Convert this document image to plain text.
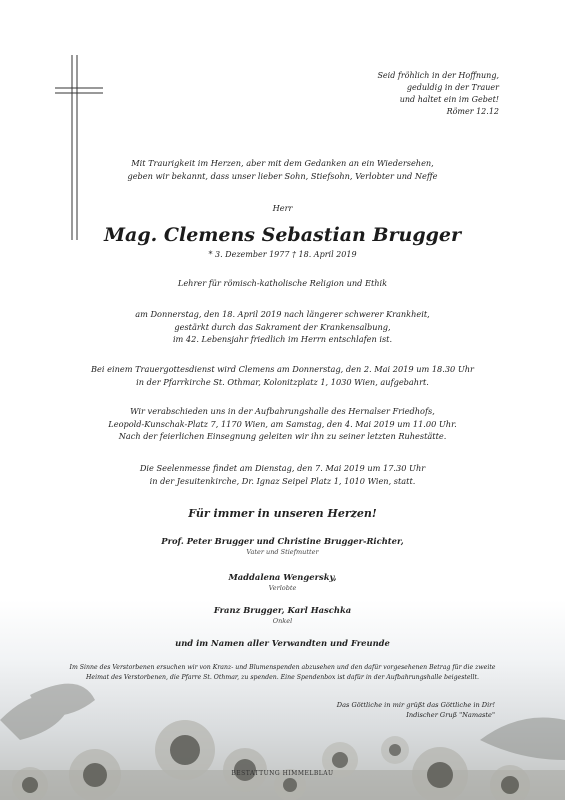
Seid fröhlich in der Hoffnung,
geduldig in der Trauer
und haltet ein im Gebet!
Römer 12.12
Mit Traurigkeit im Herzen, aber mit dem Gedanken an ein Wiedersehen,
geben wir bekannt, dass unser lieber Sohn, Stiefsohn, Verlobter und Neffe
Herr
Mag. Clemens Sebastian Brugger
* 3. Dezember 1977 † 18. April 2019
Lehrer für römisch-katholische Religion und Ethik
am Donnerstag, den 18. April 2019 nach längerer schwerer Krankheit,
gestärkt durch das Sakrament der Krankensalbung,
im 42. Lebensjahr friedlich im Herrn entschlafen ist.
Bei einem Trauergottesdienst wird Clemens am Donnerstag, den 2. Mai 2019 um 18.30 Uhr
in der Pfarrkirche St. Othmar, Kolonitzplatz 1, 1030 Wien, aufgebahrt.
Wir verabschieden uns in der Aufbahrungshalle des Hernalser Friedhofs,
Leopold-Kunschak-Platz 7, 1170 Wien, am Samstag, den 4. Mai 2019 um 11.00 Uhr.
Nach der feierlichen Einsegnung geleiten wir ihn zu seiner letzten Ruhestätte.
Die Seelenmesse findet am Dienstag, den 7. Mai 2019 um 17.30 Uhr
in der Jesuitenkirche, Dr. Ignaz Seipel Platz 1, 1010 Wien, statt.
Für immer in unseren Herzen!
Prof. Peter Brugger und Christine Brugger-Richter,
Vater und Stiefmutter
Maddalena Wengersky,
Verlobte
Franz Brugger, Karl Haschka
Onkel
und im Namen aller Verwandten und Freunde
Im Sinne des Verstorbenen ersuchen wir von Kranz- und Blumenspenden abzusehen und den dafür vorgesehenen Betrag für die zweite
Heimat des Verstorbenen, die Pfarre St. Othmar, zu spenden. Eine Spendenbox ist dafür in der Aufbahrungshalle beigestellt.
Das Göttliche in mir grüßt das Göttliche in Dir!
Indischer Gruß "Namaste"
BESTATTUNG HIMMELBLAU
